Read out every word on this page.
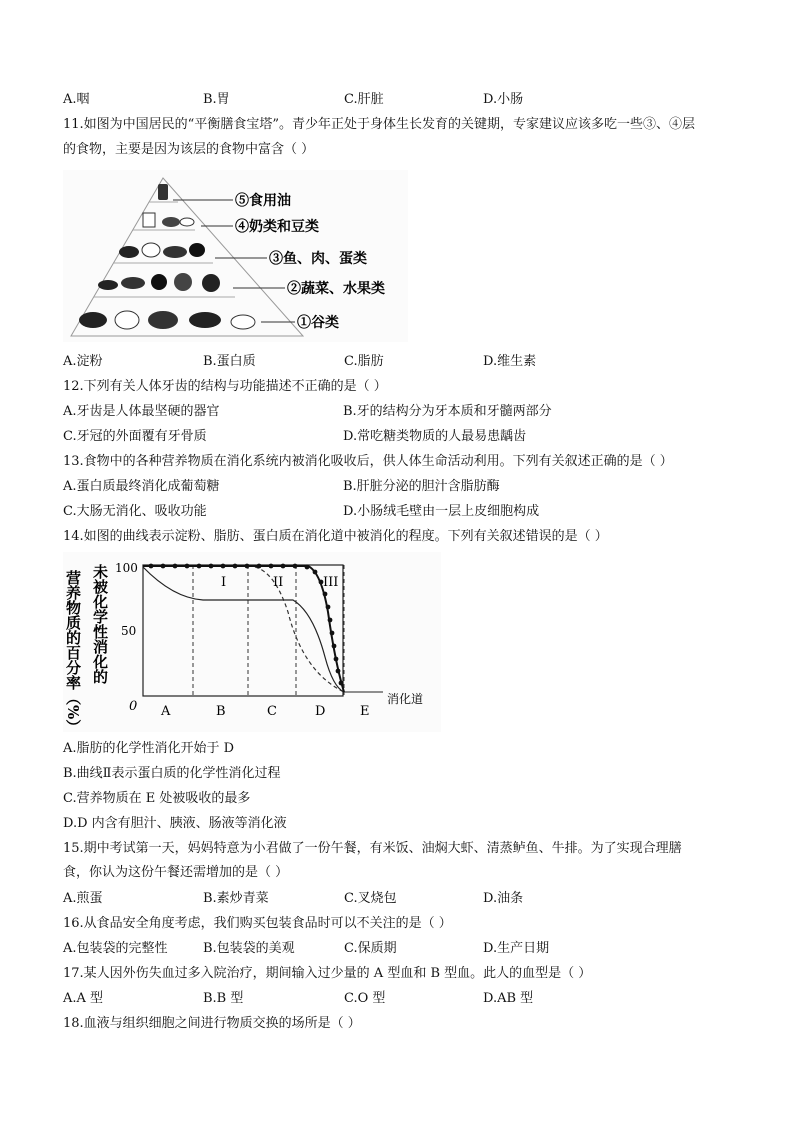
A.咽	B.胃	C.肝脏	D.小肠
11.如图为中国居民的“平衡膳食宝塔”。青少年正处于身体生长发育的关键期，专家建议应该多吃一些③、④层
的食物，主要是因为该层的食物中富含（ ）
⑤食用油
④奶类和豆类
③鱼、肉、蛋类
②蔬菜、水果类
①谷类
A.淀粉	B.蛋白质	C.脂肪	D.维生素
12.下列有关人体牙齿的结构与功能描述不正确的是（ ）
A.牙齿是人体最坚硬的器官	B.牙的结构分为牙本质和牙髓两部分
C.牙冠的外面覆有牙骨质	D.常吃糖类物质的人最易患龋齿
13.食物中的各种营养物质在消化系统内被消化吸收后，供人体生命活动利用。下列有关叙述正确的是（ ）
A.蛋白质最终消化成葡萄糖	B.肝脏分泌的胆汁含脂肪酶
C.大肠无消化、吸收功能	D.小肠绒毛壁由一层上皮细胞构成
14.如图的曲线表示淀粉、脂肪、蛋白质在消化道中被消化的程度。下列有关叙述错误的是（ ）
营养物质的百分率（%） 未被化学性消化的 100
50
0
I	II	III
A	B	C	D	E
消化道
A.脂肪的化学性消化开始于 D
B.曲线Ⅱ表示蛋白质的化学性消化过程
C.营养物质在 E 处被吸收的最多
D.D 内含有胆汁、胰液、肠液等消化液
15.期中考试第一天，妈妈特意为小君做了一份午餐，有米饭、油焖大虾、清蒸鲈鱼、牛排。为了实现合理膳
食，你认为这份午餐还需增加的是（ ）
A.煎蛋	B.素炒青菜	C.叉烧包	D.油条
16.从食品安全角度考虑，我们购买包装食品时可以不关注的是（ ）
A.包装袋的完整性	B.包装袋的美观	C.保质期	D.生产日期
17.某人因外伤失血过多入院治疗，期间输入过少量的 A 型血和 B 型血。此人的血型是（ ）
A.A 型	B.B 型	C.O 型	D.AB 型
18.血液与组织细胞之间进行物质交换的场所是（ ）
